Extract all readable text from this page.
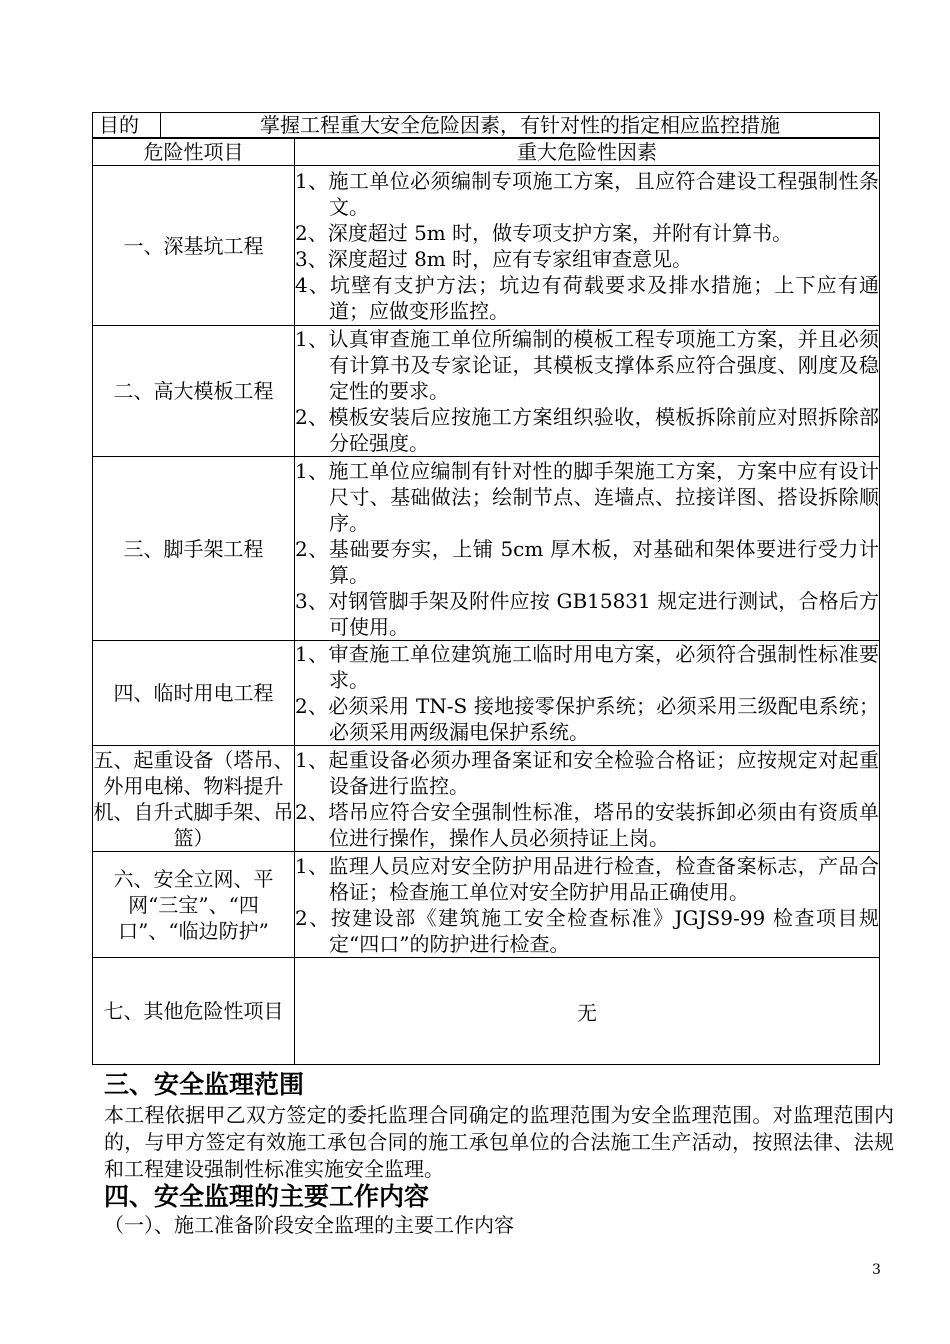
目的	掌握工程重大安全危险因素，有针对性的指定相应监控措施
危险性项目	重大危险性因素
一、深基坑工程	1、施工单位必须编制专项施工方案，且应符合建设工程强制性条文。
2、深度超过 5m 时，做专项支护方案，并附有计算书。
3、深度超过 8m 时，应有专家组审查意见。
4、坑壁有支护方法；坑边有荷载要求及排水措施；上下应有通道；应做变形监控。

二、高大模板工程	1、认真审查施工单位所编制的模板工程专项施工方案，并且必须有计算书及专家论证，其模板支撑体系应符合强度、刚度及稳定性的要求。
2、模板安装后应按施工方案组织验收，模板拆除前应对照拆除部分砼强度。

三、脚手架工程	1、施工单位应编制有针对性的脚手架施工方案，方案中应有设计尺寸、基础做法；绘制节点、连墙点、拉接详图、搭设拆除顺序。
2、基础要夯实，上铺 5cm 厚木板，对基础和架体要进行受力计算。
3、对钢管脚手架及附件应按 GB15831 规定进行测试，合格后方可使用。

四、临时用电工程	1、审查施工单位建筑施工临时用电方案，必须符合强制性标准要求。
2、必须采用 TN-S 接地接零保护系统；必须采用三级配电系统；必须采用两级漏电保护系统。

五、起重设备（塔吊、外用电梯、物料提升机、自升式脚手架、吊篮）	1、起重设备必须办理备案证和安全检验合格证；应按规定对起重设备进行监控。
2、塔吊应符合安全强制性标准，塔吊的安装拆卸必须由有资质单位进行操作，操作人员必须持证上岗。

六、安全立网、平网“三宝”、“四口”、“临边防护”	1、监理人员应对安全防护用品进行检查，检查备案标志，产品合格证；检查施工单位对安全防护用品正确使用。
2、按建设部《建筑施工安全检查标准》JGJS9-99 检查项目规定“四口”的防护进行检查。

七、其他危险性项目	无
三、安全监理范围

本工程依据甲乙双方签定的委托监理合同确定的监理范围为安全监理范围。对监理范围内的，与甲方签定有效施工承包合同的施工承包单位的合法施工生产活动，按照法律、法规和工程建设强制性标准实施安全监理。

四、安全监理的主要工作内容

（一）、施工准备阶段安全监理的主要工作内容

3
